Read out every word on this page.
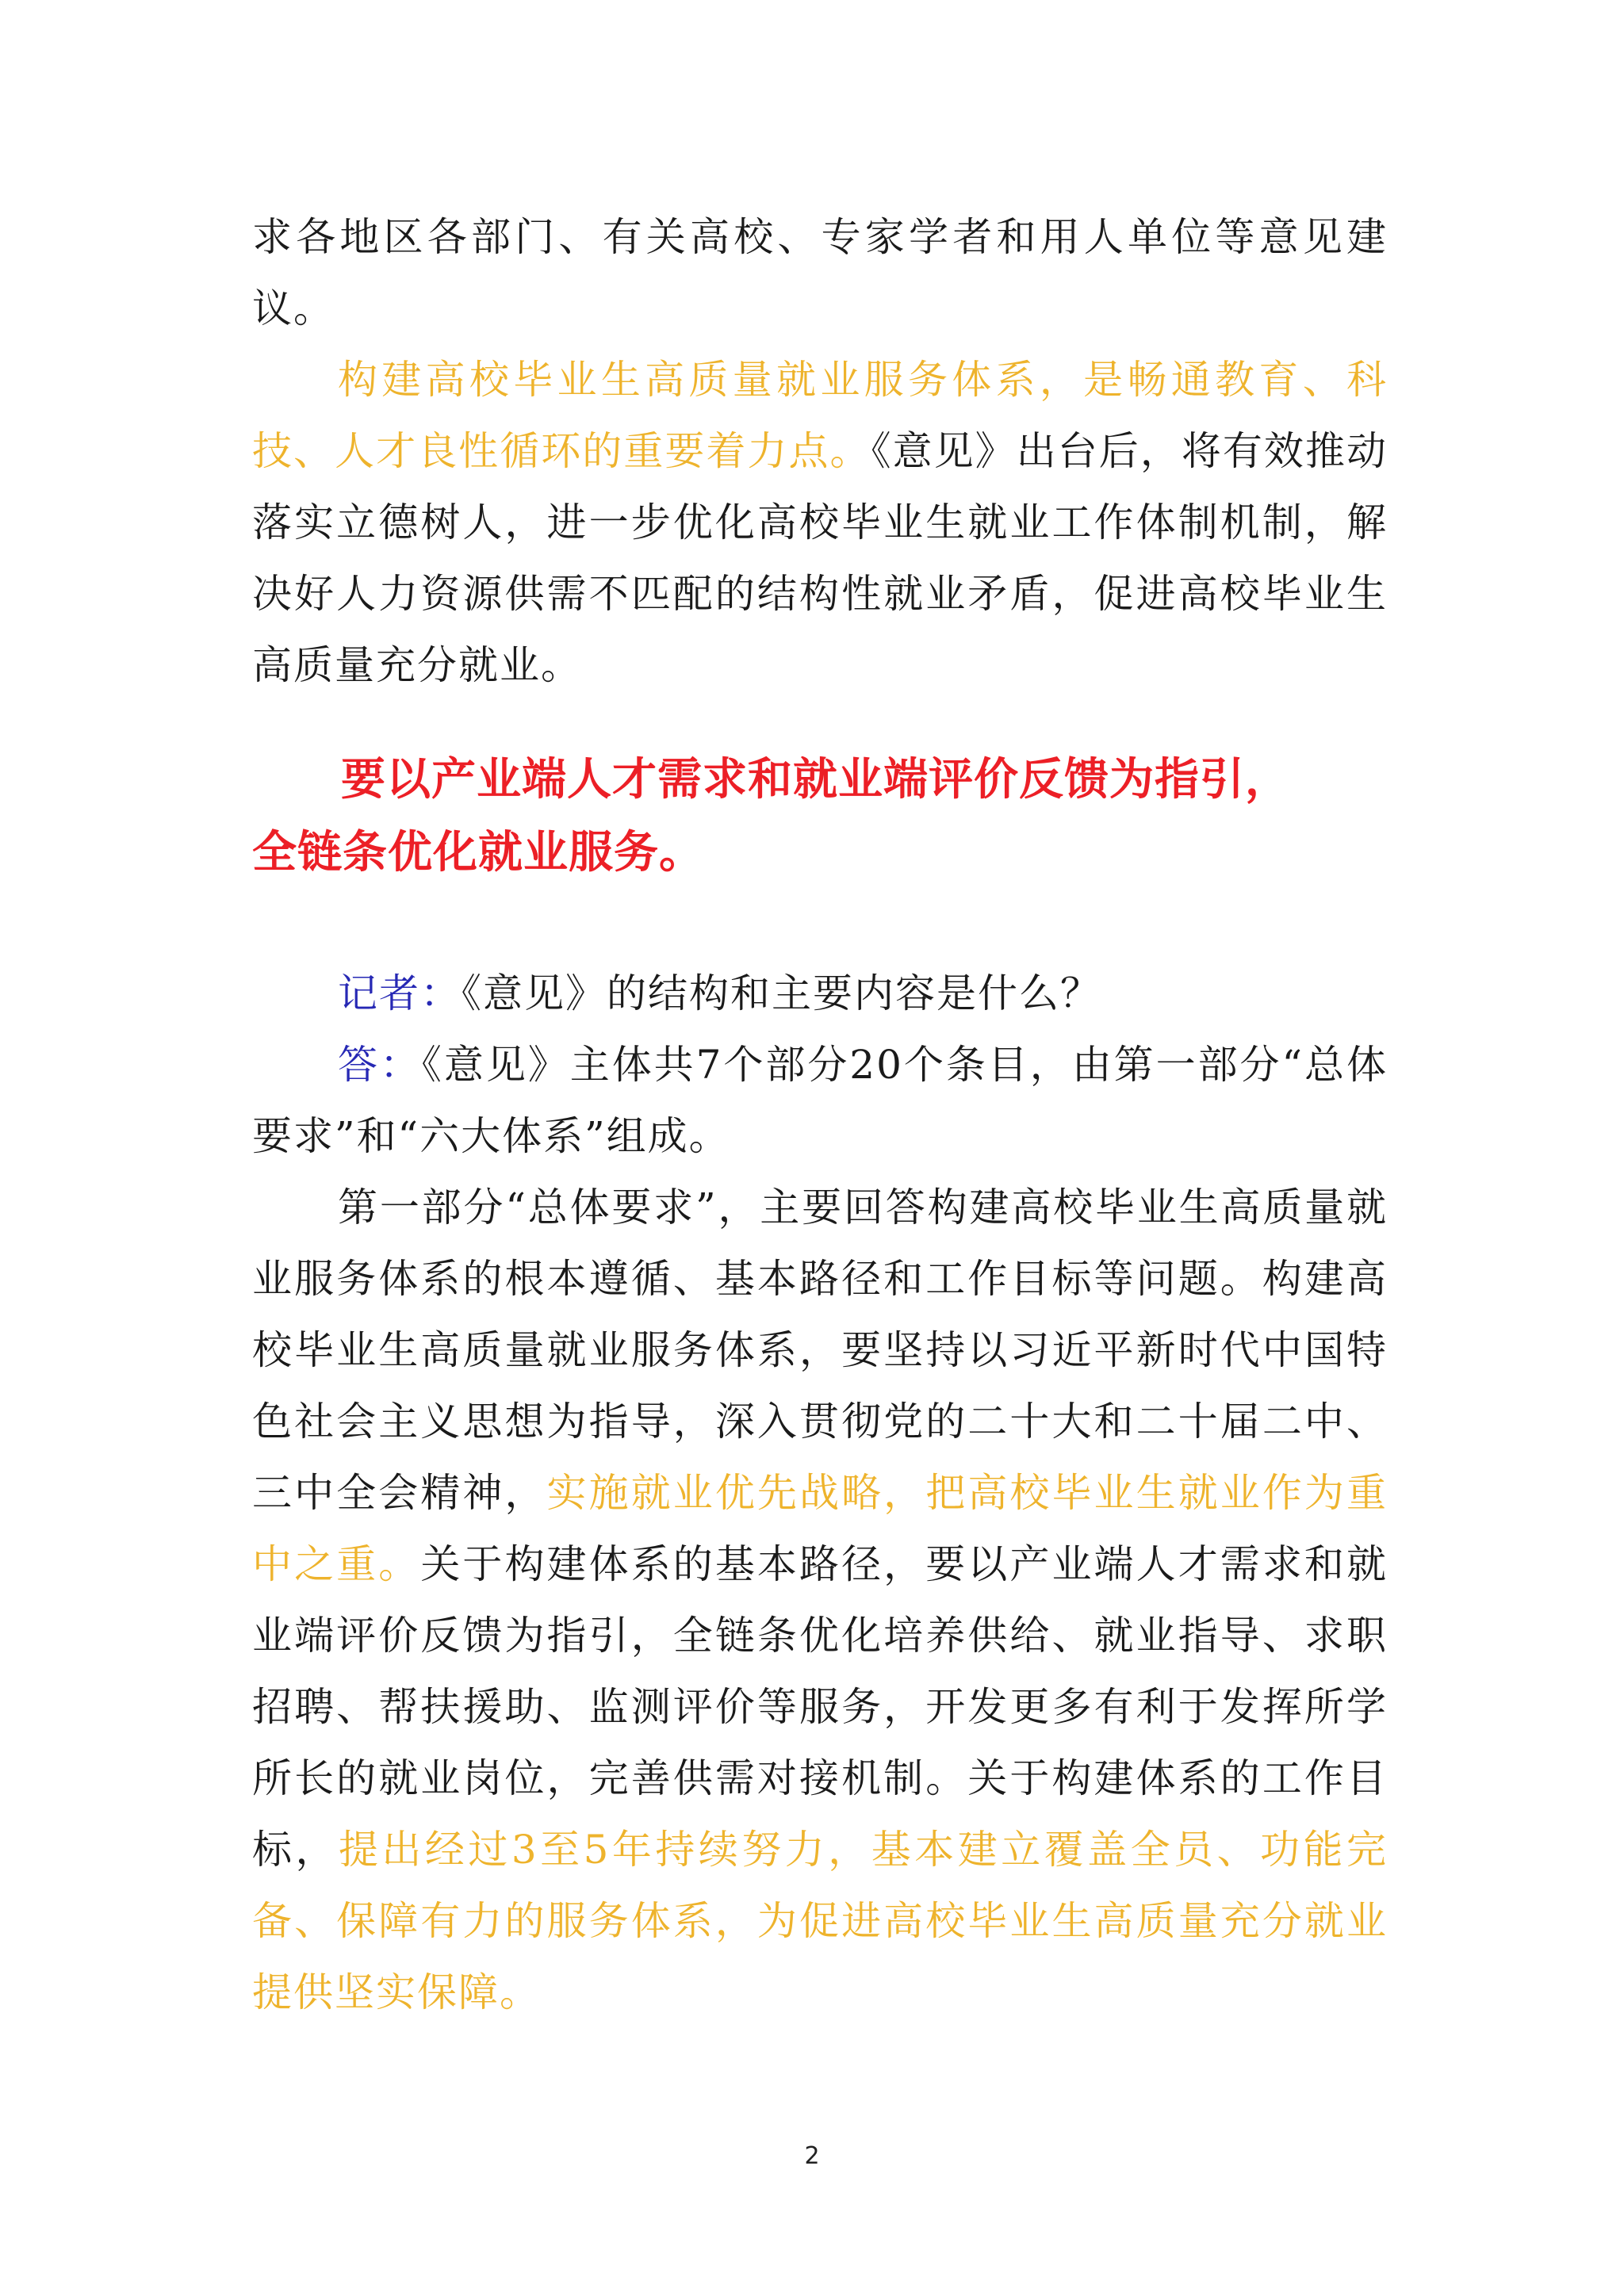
求各地区各部门、有关高校、专家学者和用人单位等意见建议。

构建高校毕业生高质量就业服务体系，是畅通教育、科技、人才良性循环的重要着力点。《意见》出台后，将有效推动落实立德树人，进一步优化高校毕业生就业工作体制机制，解决好人力资源供需不匹配的结构性就业矛盾，促进高校毕业生高质量充分就业。

要以产业端人才需求和就业端评价反馈为指引，
全链条优化就业服务。

记者：《意见》的结构和主要内容是什么？

答：《意见》主体共7个部分20个条目，由第一部分“总体要求”和“六大体系”组成。

第一部分“总体要求”，主要回答构建高校毕业生高质量就业服务体系的根本遵循、基本路径和工作目标等问题。构建高校毕业生高质量就业服务体系，要坚持以习近平新时代中国特色社会主义思想为指导，深入贯彻党的二十大和二十届二中、三中全会精神，实施就业优先战略，把高校毕业生就业作为重中之重。关于构建体系的基本路径，要以产业端人才需求和就业端评价反馈为指引，全链条优化培养供给、就业指导、求职招聘、帮扶援助、监测评价等服务，开发更多有利于发挥所学所长的就业岗位，完善供需对接机制。关于构建体系的工作目标，提出经过3至5年持续努力，基本建立覆盖全员、功能完备、保障有力的服务体系，为促进高校毕业生高质量充分就业提供坚实保障。

2
